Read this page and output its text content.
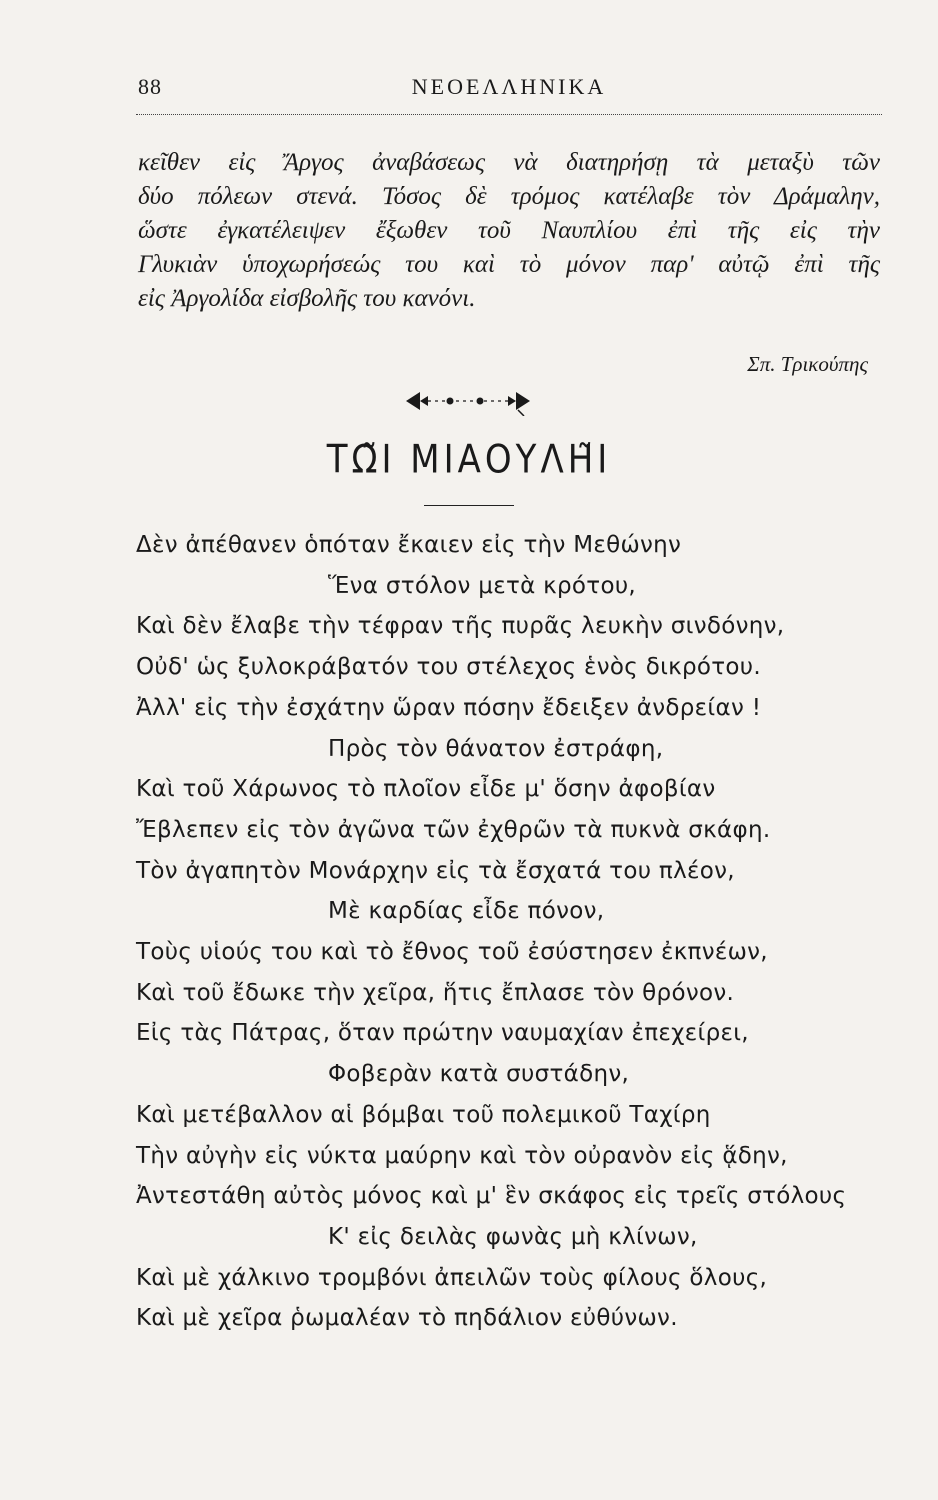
88	ΝΕΟΕΛΛΗΝΙΚΑ
κεῖθεν εἰς Ἄργος ἀναβάσεως νὰ διατηρήσῃ τὰ μεταξὺ τῶν
δύο πόλεων στενά. Τόσος δὲ τρόμος κατέλαβε τὸν Δράμαλην,
ὥστε ἐγκατέλειψεν ἔξωθεν τοῦ Ναυπλίου ἐπὶ τῆς εἰς τὴν
Γλυκιὰν ὑποχωρήσεώς του καὶ τὸ μόνον παρ' αὐτῷ ἐπὶ τῆς
εἰς Ἀργολίδα εἰσβολῆς του κανόνι.
Σπ. Τρικούπης
ΤΩ͂Ι ΜΙΑΟΥΛΗ͂Ι
Δὲν ἀπέθανεν ὁπόταν ἔκαιεν εἰς τὴν Μεθώνην
Ἕνα στόλον μετὰ κρότου,
Καὶ δὲν ἔλαβε τὴν τέφραν τῆς πυρᾶς λευκὴν σινδόνην,
Οὐδ' ὡς ξυλοκράβατόν του στέλεχος ἑνὸς δικρότου.
Ἀλλ' εἰς τὴν ἐσχάτην ὥραν πόσην ἔδειξεν ἀνδρείαν !
Πρὸς τὸν θάνατον ἐστράφη,
Καὶ τοῦ Χάρωνος τὸ πλοῖον εἶδε μ' ὅσην ἀφοβίαν
Ἔβλεπεν εἰς τὸν ἀγῶνα τῶν ἐχθρῶν τὰ πυκνὰ σκάφη.
Τὸν ἀγαπητὸν Μονάρχην εἰς τὰ ἔσχατά του πλέον,
Μὲ καρδίας εἶδε πόνον,
Τοὺς υἱούς του καὶ τὸ ἔθνος τοῦ ἐσύστησεν ἐκπνέων,
Καὶ τοῦ ἔδωκε τὴν χεῖρα, ἥτις ἔπλασε τὸν θρόνον.
Εἰς τὰς Πάτρας, ὅταν πρώτην ναυμαχίαν ἐπεχείρει,
Φοβερὰν κατὰ συστάδην,
Καὶ μετέβαλλον αἱ βόμβαι τοῦ πολεμικοῦ Ταχίρη
Τὴν αὐγὴν εἰς νύκτα μαύρην καὶ τὸν οὐρανὸν εἰς ᾅδην,
Ἀντεστάθη αὐτὸς μόνος καὶ μ' ἓν σκάφος εἰς τρεῖς στόλους
Κ' εἰς δειλὰς φωνὰς μὴ κλίνων,
Καὶ μὲ χάλκινο τρομβόνι ἀπειλῶν τοὺς φίλους ὅλους,
Καὶ μὲ χεῖρα ῥωμαλέαν τὸ πηδάλιον εὐθύνων.
